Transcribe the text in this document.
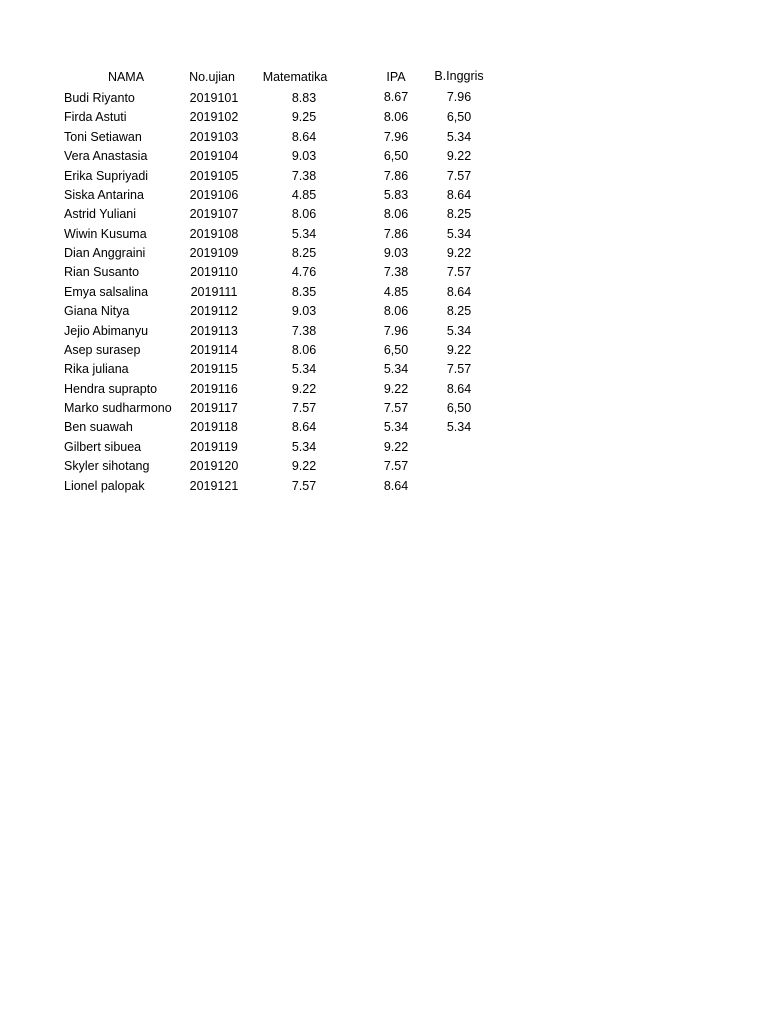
NAMA	No.ujian	Matematika	IPA	B.Inggris
Budi Riyanto	2019101	8.83	8.67	7.96
Firda Astuti	2019102	9.25	8.06	6,50
Toni Setiawan	2019103	8.64	7.96	5.34
Vera Anastasia	2019104	9.03	6,50	9.22
Erika Supriyadi	2019105	7.38	7.86	7.57
Siska Antarina	2019106	4.85	5.83	8.64
Astrid Yuliani	2019107	8.06	8.06	8.25
Wiwin Kusuma	2019108	5.34	7.86	5.34
Dian Anggraini	2019109	8.25	9.03	9.22
Rian Susanto	2019110	4.76	7.38	7.57
Emya salsalina	2019111	8.35	4.85	8.64
Giana Nitya	2019112	9.03	8.06	8.25
Jejio Abimanyu	2019113	7.38	7.96	5.34
Asep surasep	2019114	8.06	6,50	9.22
Rika juliana	2019115	5.34	5.34	7.57
Hendra suprapto	2019116	9.22	9.22	8.64
Marko sudharmono	2019117	7.57	7.57	6,50
Ben suawah	2019118	8.64	5.34	5.34
Gilbert sibuea	2019119	5.34	9.22
Skyler sihotang	2019120	9.22	7.57
Lionel palopak	2019121	7.57	8.64
